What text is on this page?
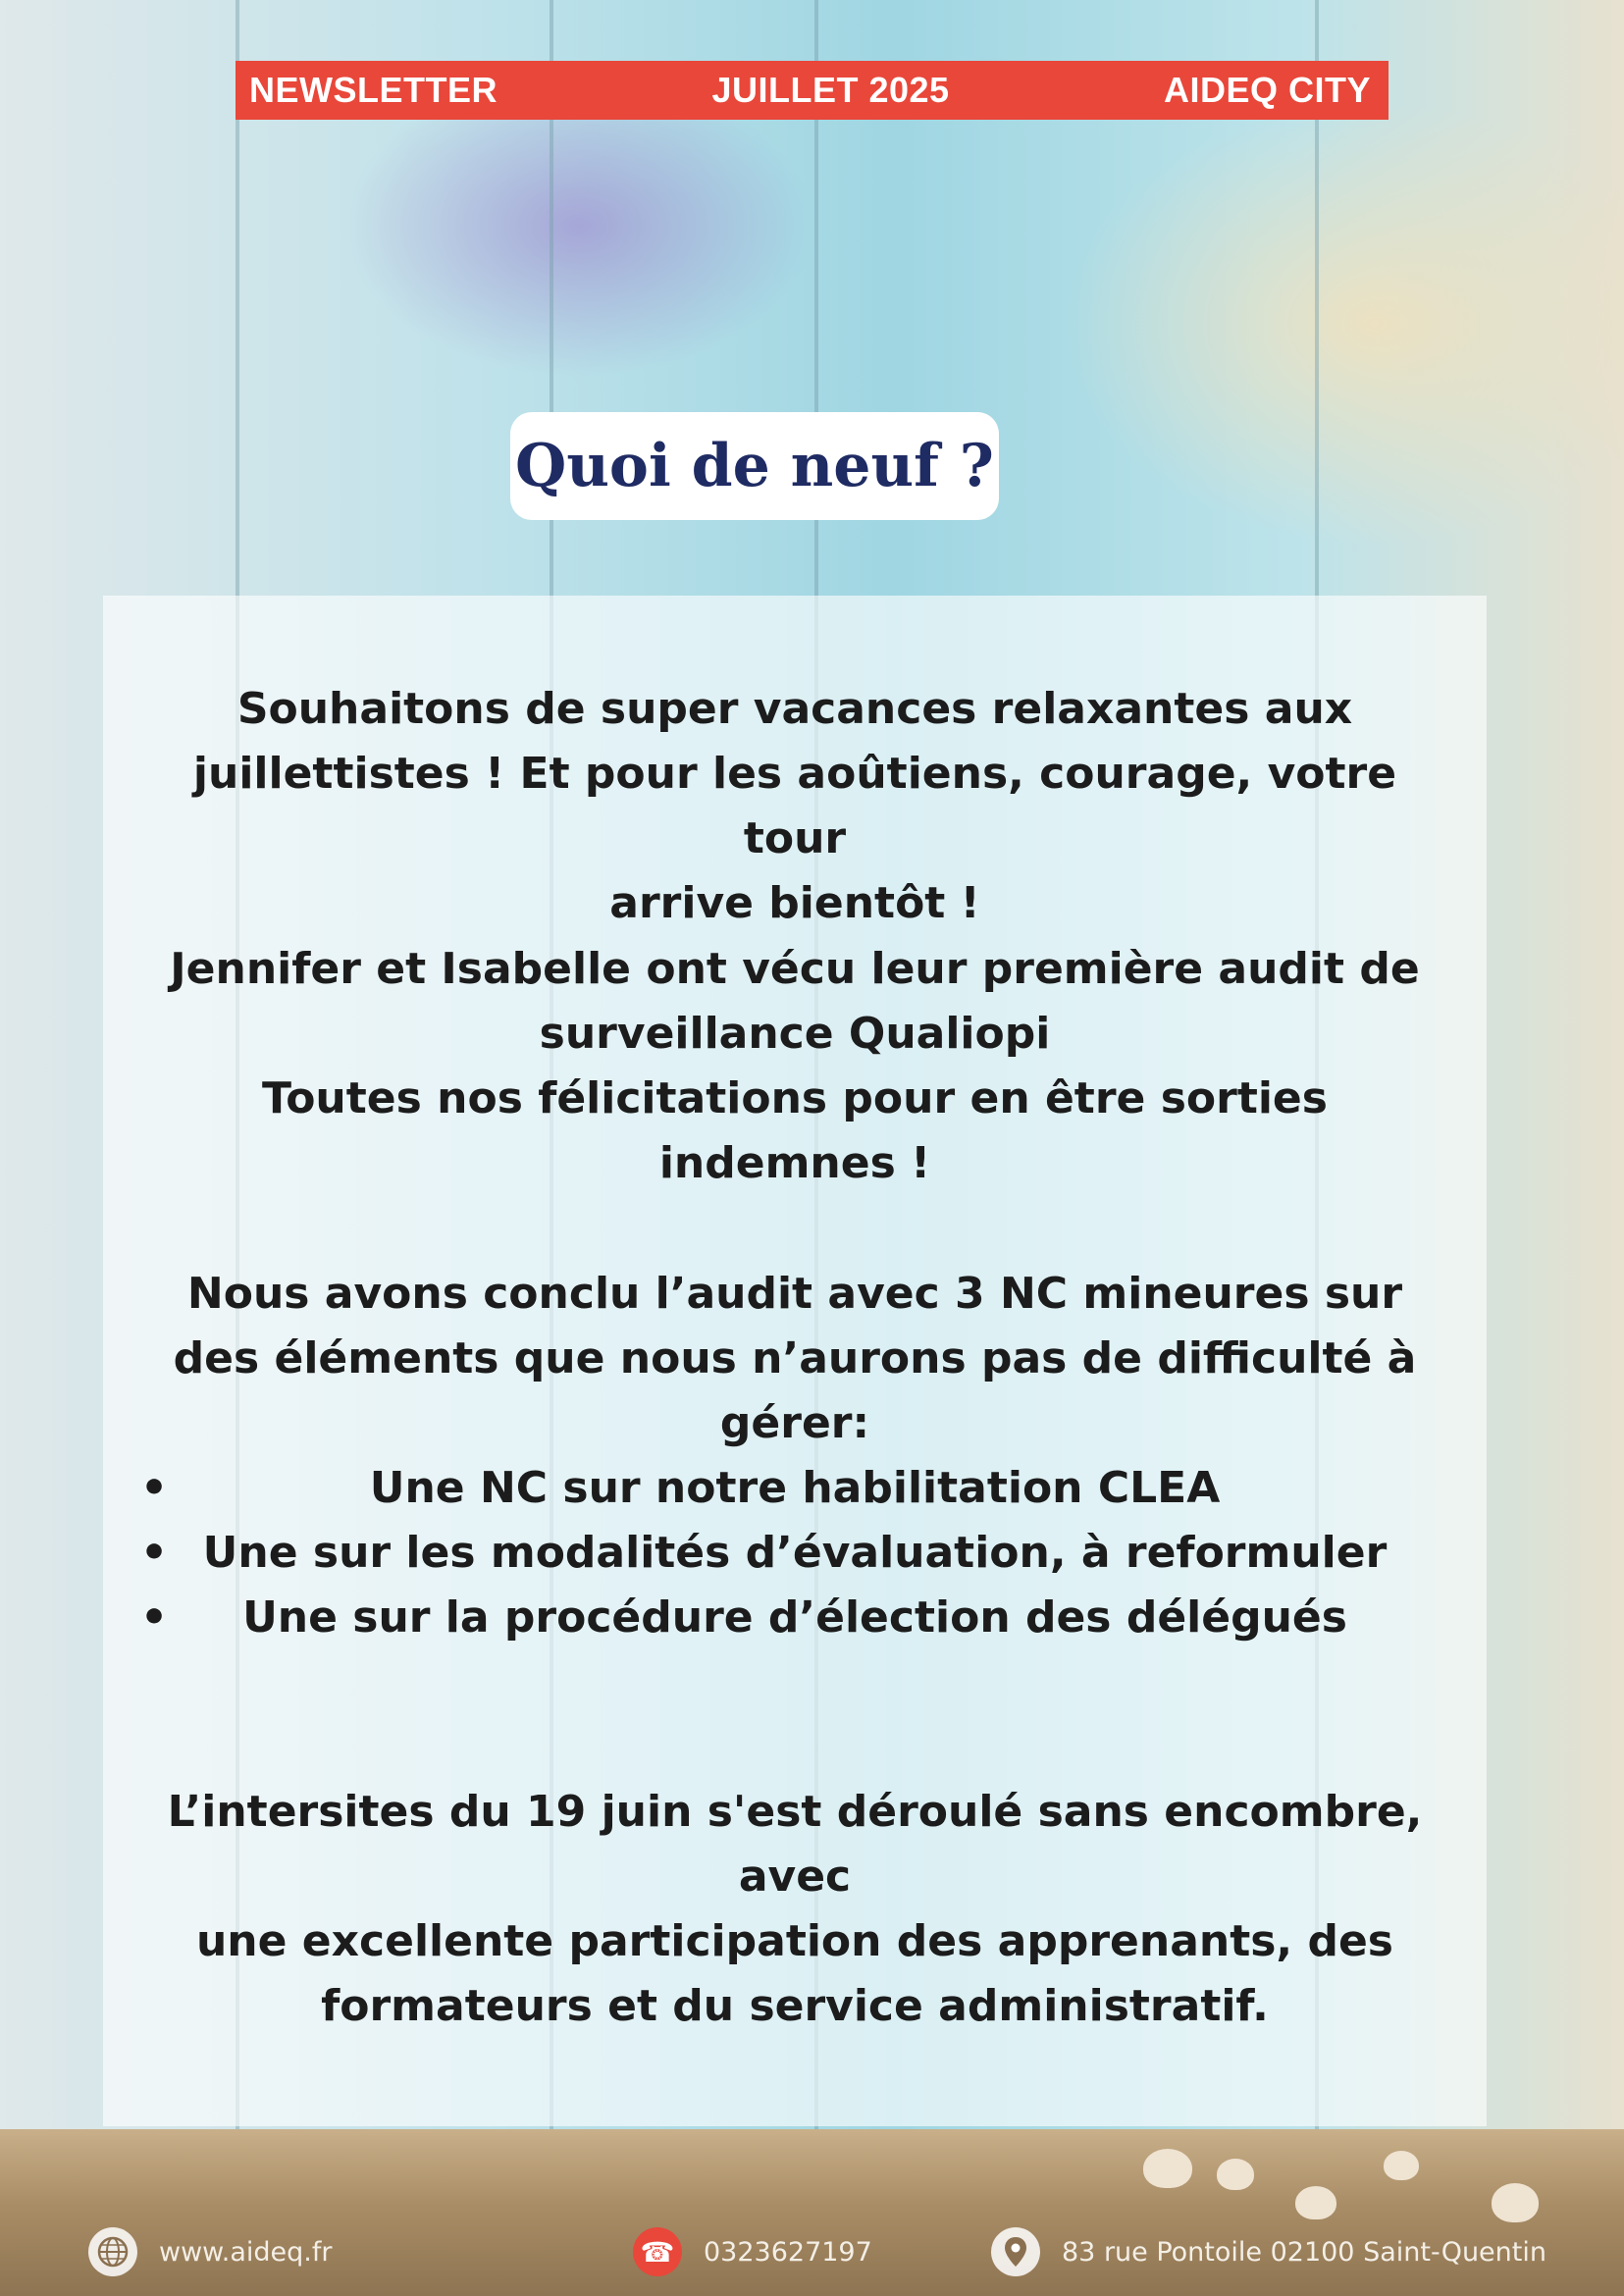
NEWSLETTER	JUILLET 2025	AIDEQ CITY
Quoi de neuf ?

Souhaitons de super vacances relaxantes aux

juillettistes ! Et pour les aoûtiens, courage, votre tour

arrive bientôt !

Jennifer et Isabelle ont vécu leur première audit de

surveillance Qualiopi

Toutes nos félicitations pour en être sorties

indemnes !

Nous avons conclu l’audit avec 3 NC mineures sur

des éléments que nous n’aurons pas de difficulté à

gérer:

•	Une NC sur notre habilitation CLEA
• Une sur les modalités d’évaluation, à reformuler
• Une sur la procédure d’élection des délégués

L’intersites du 19 juin s'est déroulé sans encombre, avec

une excellente participation des apprenants, des

formateurs et du service administratif.

www.aideq.fr	☎ 0323627197	83 rue Pontoile 02100 Saint-Quentin
